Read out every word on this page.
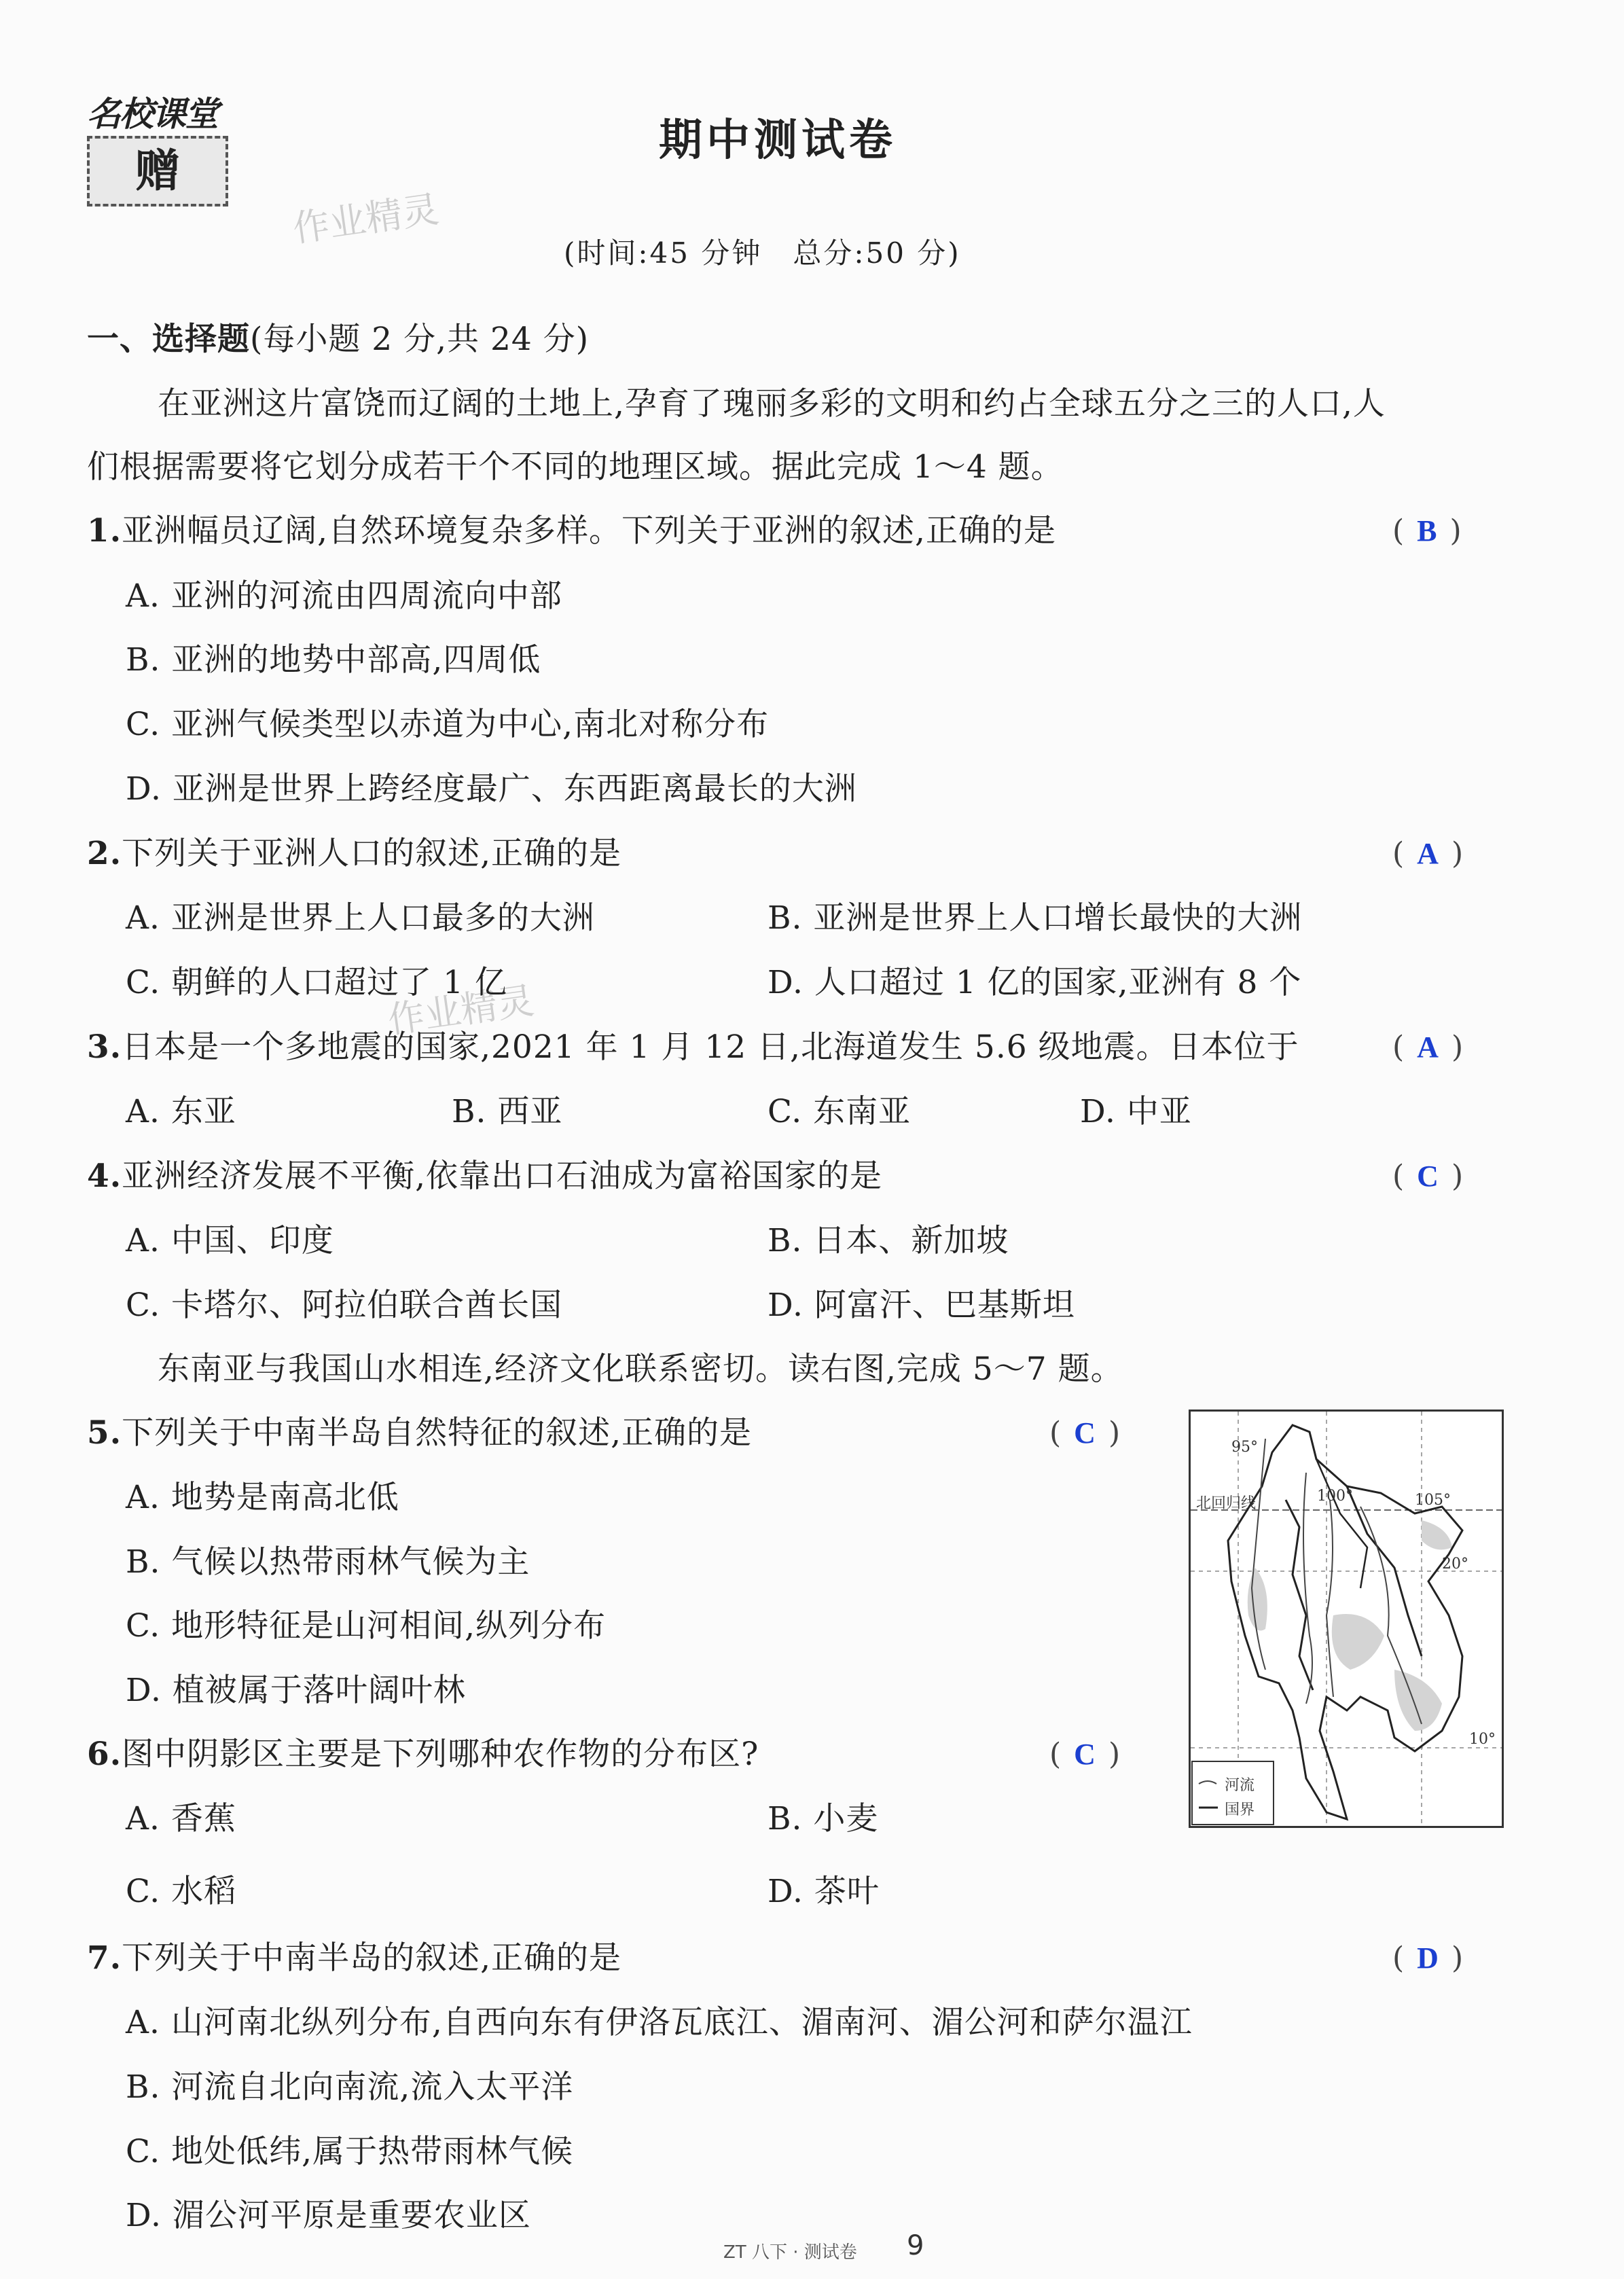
名校课堂
赠
作业精灵
作业精灵
期中测试卷
(时间:45 分钟　总分:50 分)
一、选择题(每小题 2 分,共 24 分)
在亚洲这片富饶而辽阔的土地上,孕育了瑰丽多彩的文明和约占全球五分之三的人口,人
们根据需要将它划分成若干个不同的地理区域。据此完成 1～4 题。
1.亚洲幅员辽阔,自然环境复杂多样。下列关于亚洲的叙述,正确的是	( B )
A. 亚洲的河流由四周流向中部
B. 亚洲的地势中部高,四周低
C. 亚洲气候类型以赤道为中心,南北对称分布
D. 亚洲是世界上跨经度最广、东西距离最长的大洲
2.下列关于亚洲人口的叙述,正确的是	( A )
A. 亚洲是世界上人口最多的大洲	B. 亚洲是世界上人口增长最快的大洲
C. 朝鲜的人口超过了 1 亿	D. 人口超过 1 亿的国家,亚洲有 8 个
3.日本是一个多地震的国家,2021 年 1 月 12 日,北海道发生 5.6 级地震。日本位于	( A )
A. 东亚	B. 西亚	C. 东南亚	D. 中亚
4.亚洲经济发展不平衡,依靠出口石油成为富裕国家的是	( C )
A. 中国、印度	B. 日本、新加坡
C. 卡塔尔、阿拉伯联合酋长国	D. 阿富汗、巴基斯坦
东南亚与我国山水相连,经济文化联系密切。读右图,完成 5～7 题。
5.下列关于中南半岛自然特征的叙述,正确的是	( C )
A. 地势是南高北低
B. 气候以热带雨林气候为主
C. 地形特征是山河相间,纵列分布
D. 植被属于落叶阔叶林
6.图中阴影区主要是下列哪种农作物的分布区?	( C )
A. 香蕉	B. 小麦
C. 水稻	D. 茶叶
7.下列关于中南半岛的叙述,正确的是	( D )
A. 山河南北纵列分布,自西向东有伊洛瓦底江、湄南河、湄公河和萨尔温江
B. 河流自北向南流,流入太平洋
C. 地处低纬,属于热带雨林气候
D. 湄公河平原是重要农业区
95°
100°	105°
北回归线
20°
10°
河流
国界
ZT 八下 · 测试卷 9
